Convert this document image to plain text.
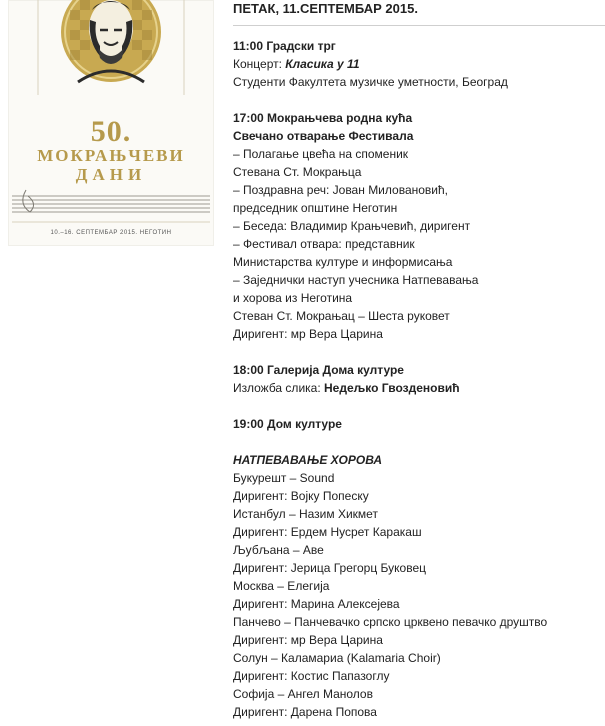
50.
МОКРАЊЧЕВИ
ДАНИ
10.–16. СЕПТЕМБАР 2015. НЕГОТИН
ПЕТАК, 11.СЕПТЕМБАР 2015.

11:00 Градски трг

Концерт: Класика у 11

Студенти Факултета музичке уметности, Београд

17:00 Мокрањчева родна кућа

Свечано отварање Фестивала

– Полагање цвећа на споменик

Стевана Ст. Мокрањца

– Поздравна реч: Јован Миловановић,

председник општине Неготин

– Беседа: Владимир Крањчевић, диригент

– Фестивал отвара: представник

Министарства културе и информисања

– Заједнички наступ учесника Натпевавања

и хорова из Неготина

Стеван Ст. Мокрањац – Шеста руковет

Диригент: мр Вера Царина

18:00 Галерија Дома културе

Изложба слика: Недељко Гвозденовић

19:00 Дом културе

НАТПЕВАВАЊЕ ХОРОВА

Букурешт – Sound

Диригент: Војку Попеску

Истанбул – Назим Хикмет

Диригент: Ердем Нусрет Каракаш

Љубљана – Аве

Диригент: Јерица Грегорц Буковец

Москва – Елегија

Диригент: Марина Алексејева

Панчево – Панчевачко српско црквено певачко друштво

Диригент: мр Вера Царина

Солун – Каламариа (Kalamaria Choir)

Диригент: Костис Папазоглу

Софија – Ангел Манолов

Диригент: Дарена Попова
